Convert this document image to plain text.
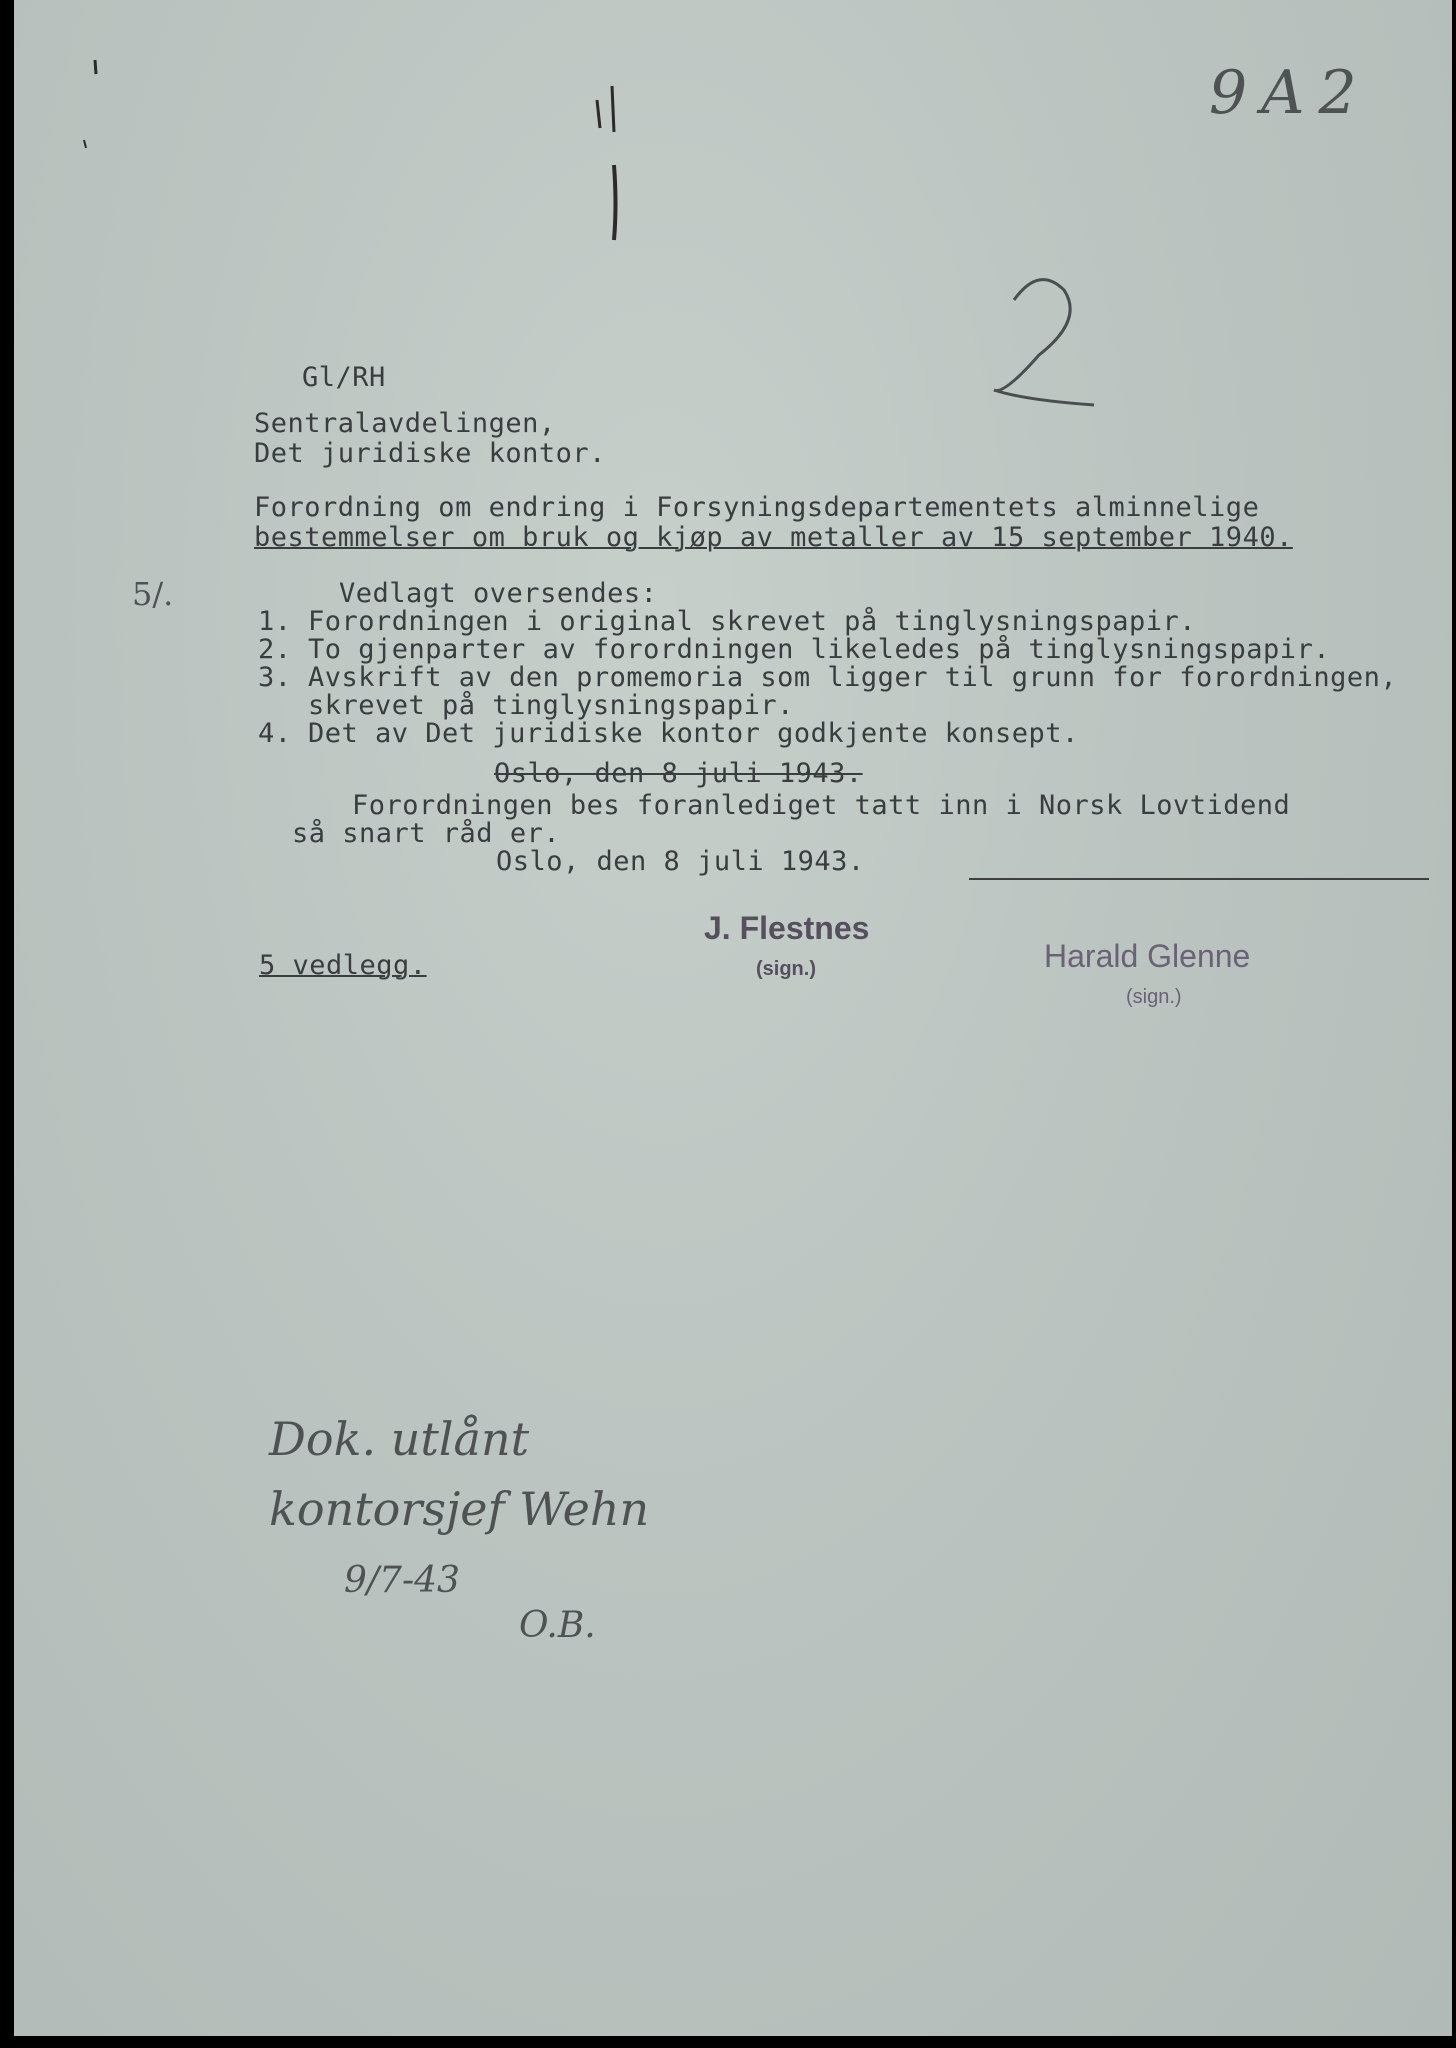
9A2
Gl/RH
Sentralavdelingen,
Det juridiske kontor.
Forordning om endring i Forsyningsdepartementets alminnelige
bestemmelser om bruk og kjøp av metaller av 15 september 1940.
5/.	Vedlagt oversendes:
1. Forordningen i original skrevet på tinglysningspapir.
2. To gjenparter av forordningen likeledes på tinglysningspapir.
3. Avskrift av den promemoria som ligger til grunn for forordningen,
skrevet på tinglysningspapir.
4. Det av Det juridiske kontor godkjente konsept.
Oslo, den 8 juli 1943.
Forordningen bes foranlediget tatt inn i Norsk Lovtidend
så snart råd er.
Oslo, den 8 juli 1943.
5 vedlegg.
J. Flestnes
(sign.)	Harald Glenne
(sign.)
Dok. utlånt
kontorsjef Wehn
9/7-43
O.B.
